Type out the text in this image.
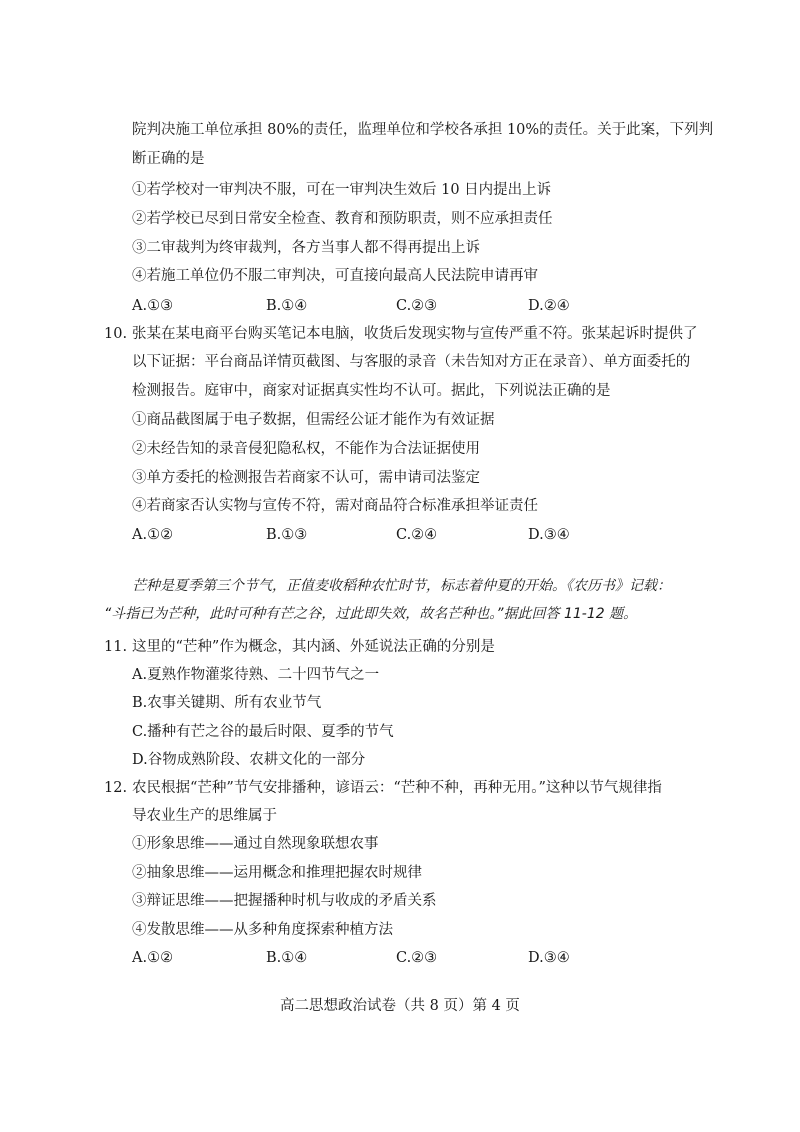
院判决施工单位承担 80%的责任，监理单位和学校各承担 10%的责任。关于此案，下列判
断正确的是
①若学校对一审判决不服，可在一审判决生效后 10 日内提出上诉
②若学校已尽到日常安全检查、教育和预防职责，则不应承担责任
③二审裁判为终审裁判，各方当事人都不得再提出上诉
④若施工单位仍不服二审判决，可直接向最高人民法院申请再审
A.①③	B.①④	C.②③	D.②④
10. 张某在某电商平台购买笔记本电脑，收货后发现实物与宣传严重不符。张某起诉时提供了
以下证据：平台商品详情页截图、与客服的录音（未告知对方正在录音）、单方面委托的
检测报告。庭审中，商家对证据真实性均不认可。据此，下列说法正确的是
①商品截图属于电子数据，但需经公证才能作为有效证据
②未经告知的录音侵犯隐私权，不能作为合法证据使用
③单方委托的检测报告若商家不认可，需申请司法鉴定
④若商家否认实物与宣传不符，需对商品符合标准承担举证责任
A.①②	B.①③	C.②④	D.③④
芒种是夏季第三个节气，正值麦收稻种农忙时节，标志着仲夏的开始。《农历书》记载：
“斗指已为芒种，此时可种有芒之谷，过此即失效，故名芒种也。”据此回答 11-12 题。
11. 这里的“芒种”作为概念，其内涵、外延说法正确的分别是
A.夏熟作物灌浆待熟、二十四节气之一
B.农事关键期、所有农业节气
C.播种有芒之谷的最后时限、夏季的节气
D.谷物成熟阶段、农耕文化的一部分
12. 农民根据“芒种”节气安排播种，谚语云：“芒种不种，再种无用。”这种以节气规律指
导农业生产的思维属于
①形象思维——通过自然现象联想农事
②抽象思维——运用概念和推理把握农时规律
③辩证思维——把握播种时机与收成的矛盾关系
④发散思维——从多种角度探索种植方法
A.①②	B.①④	C.②③	D.③④
高二思想政治试卷（共 8 页）第 4 页
